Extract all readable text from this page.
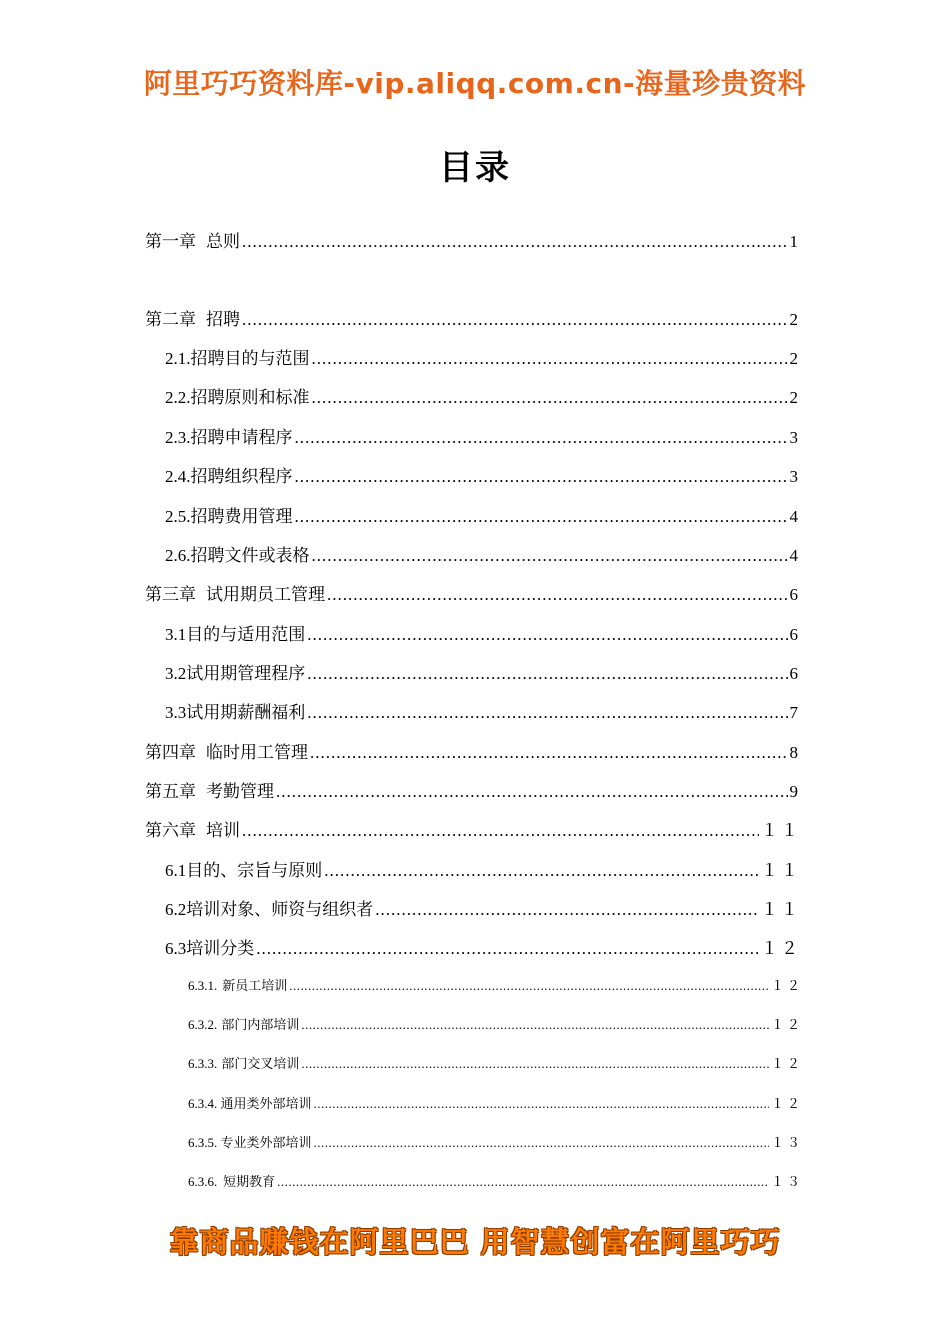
阿里巧巧资料库-vip.aliqq.com.cn-海量珍贵资料
目录
第一章 总则 .....	1
第二章 招聘 .....	2
2.1. 招聘目的与范围 .....	2
2.2. 招聘原则和标准 .....	2
2.3. 招聘申请程序 .....	3
2.4. 招聘组织程序 .....	3
2.5. 招聘费用管理 .....	4
2.6. 招聘文件或表格 .....	4
第三章 试用期员工管理 .....	6
3.1 目的与适用范围 .....	6
3.2 试用期管理程序 .....	6
3.3 试用期薪酬福利 .....	7
第四章 临时用工管理 .....	8
第五章 考勤管理 .....	9
第六章 培训 .....	１１
6.1 目的、宗旨与原则 .....	１１
6.2 培训对象、师资与组织者 .....	１１
6.3 培训分类 .....	１２
6.3.1. 新员工培训 .....	１２
6.3.2. 部门内部培训 .....	１２
6.3.3. 部门交叉培训 .....	１２
6.3.4. 通用类外部培训 .....	１２
6.3.5. 专业类外部培训 .....	１３
6.3.6. 短期教育 .....	１３
靠商品赚钱在阿里巴巴 用智慧创富在阿里巧巧
